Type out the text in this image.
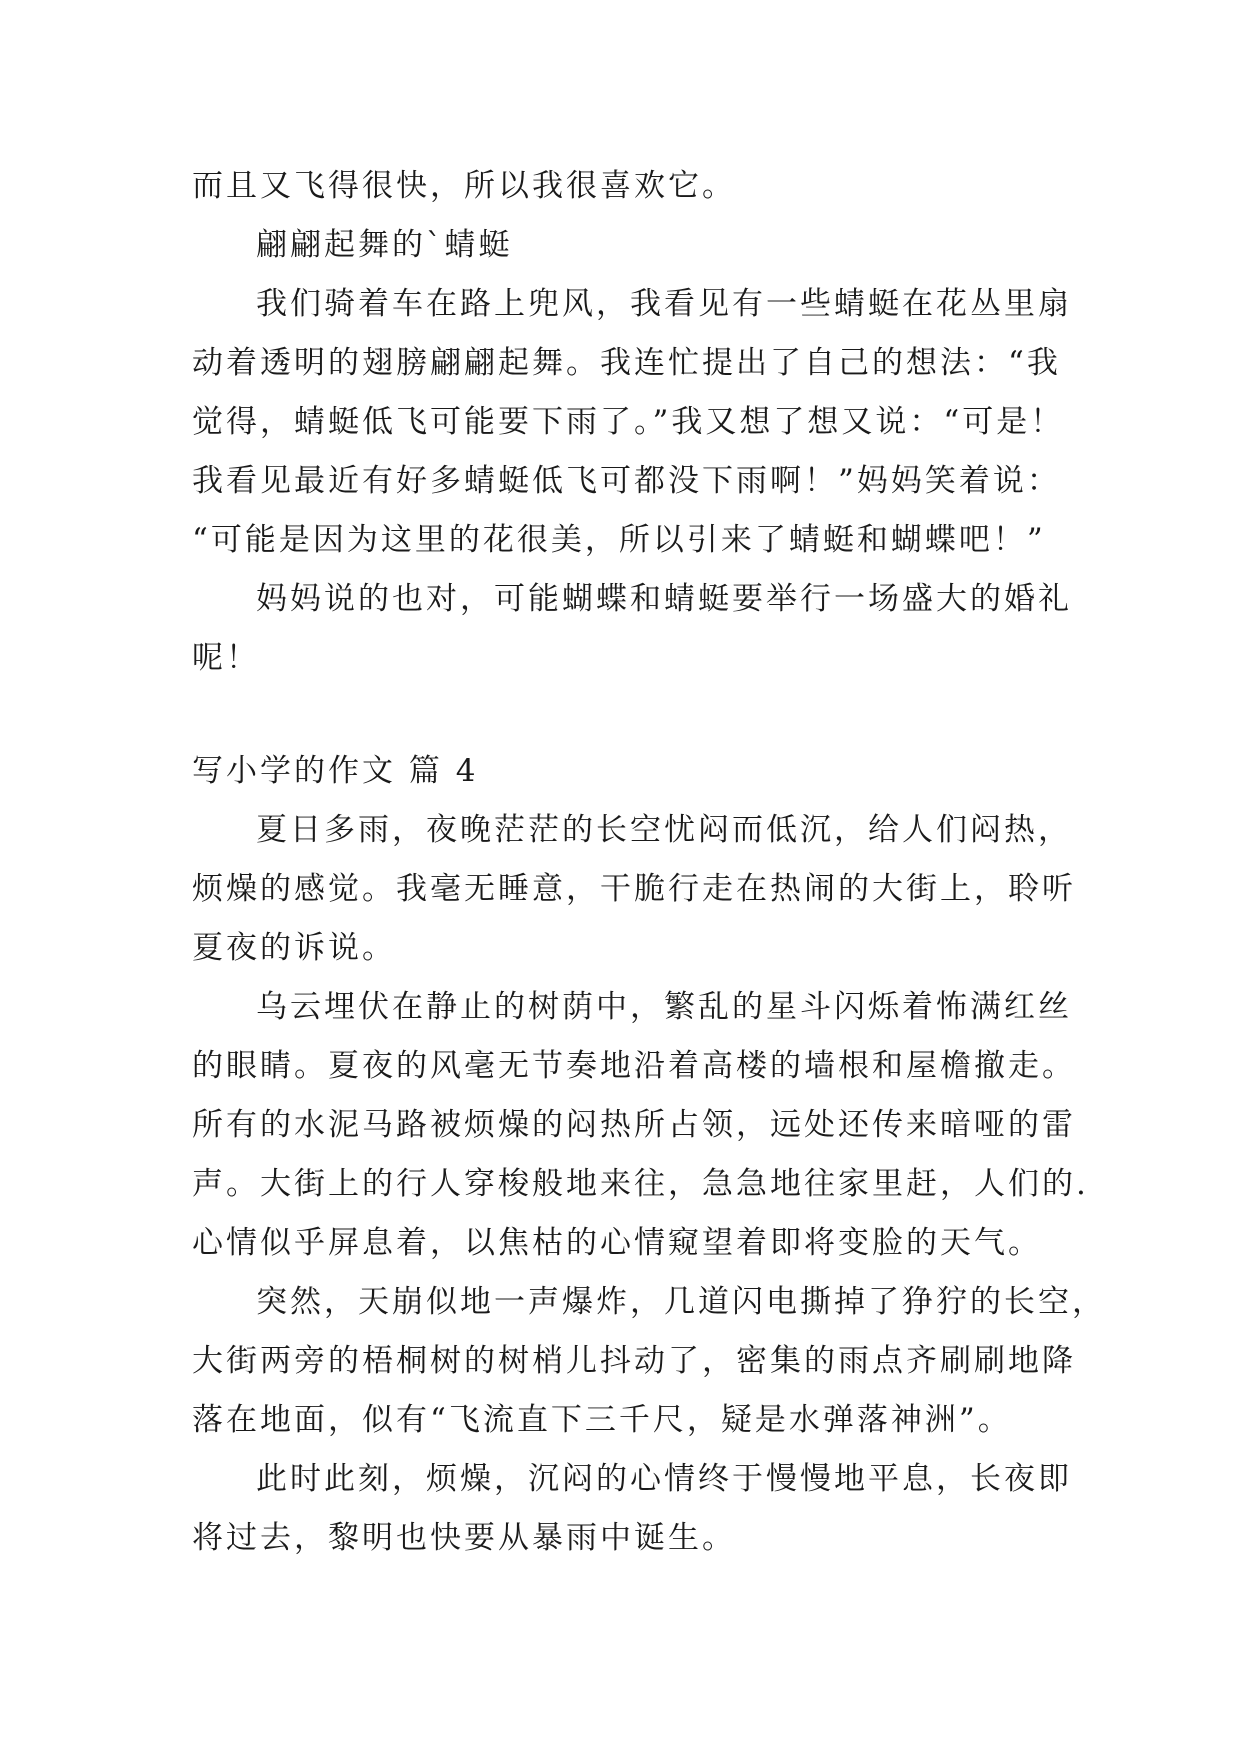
而且又飞得很快，所以我很喜欢它。
翩翩起舞的`蜻蜓
我们骑着车在路上兜风，我看见有一些蜻蜓在花丛里扇
动着透明的翅膀翩翩起舞。我连忙提出了自己的想法：“我
觉得，蜻蜓低飞可能要下雨了。”我又想了想又说：“可是！
我看见最近有好多蜻蜓低飞可都没下雨啊！”妈妈笑着说：
“可能是因为这里的花很美，所以引来了蜻蜓和蝴蝶吧！”
妈妈说的也对，可能蝴蝶和蜻蜓要举行一场盛大的婚礼
呢！
写小学的作文 篇 4
夏日多雨，夜晚茫茫的长空忧闷而低沉，给人们闷热，
烦燥的感觉。我毫无睡意，干脆行走在热闹的大街上，聆听
夏夜的诉说。
乌云埋伏在静止的树荫中，繁乱的星斗闪烁着怖满红丝
的眼睛。夏夜的风毫无节奏地沿着高楼的墙根和屋檐撤走。
所有的水泥马路被烦燥的闷热所占领，远处还传来暗哑的雷
声。大街上的行人穿梭般地来往，急急地往家里赶，人们的.
心情似乎屏息着，以焦枯的心情窥望着即将变脸的天气。
突然，天崩似地一声爆炸，几道闪电撕掉了狰狞的长空，
大街两旁的梧桐树的树梢儿抖动了，密集的雨点齐刷刷地降
落在地面，似有“飞流直下三千尺，疑是水弹落神洲”。
此时此刻，烦燥，沉闷的心情终于慢慢地平息，长夜即
将过去，黎明也快要从暴雨中诞生。
